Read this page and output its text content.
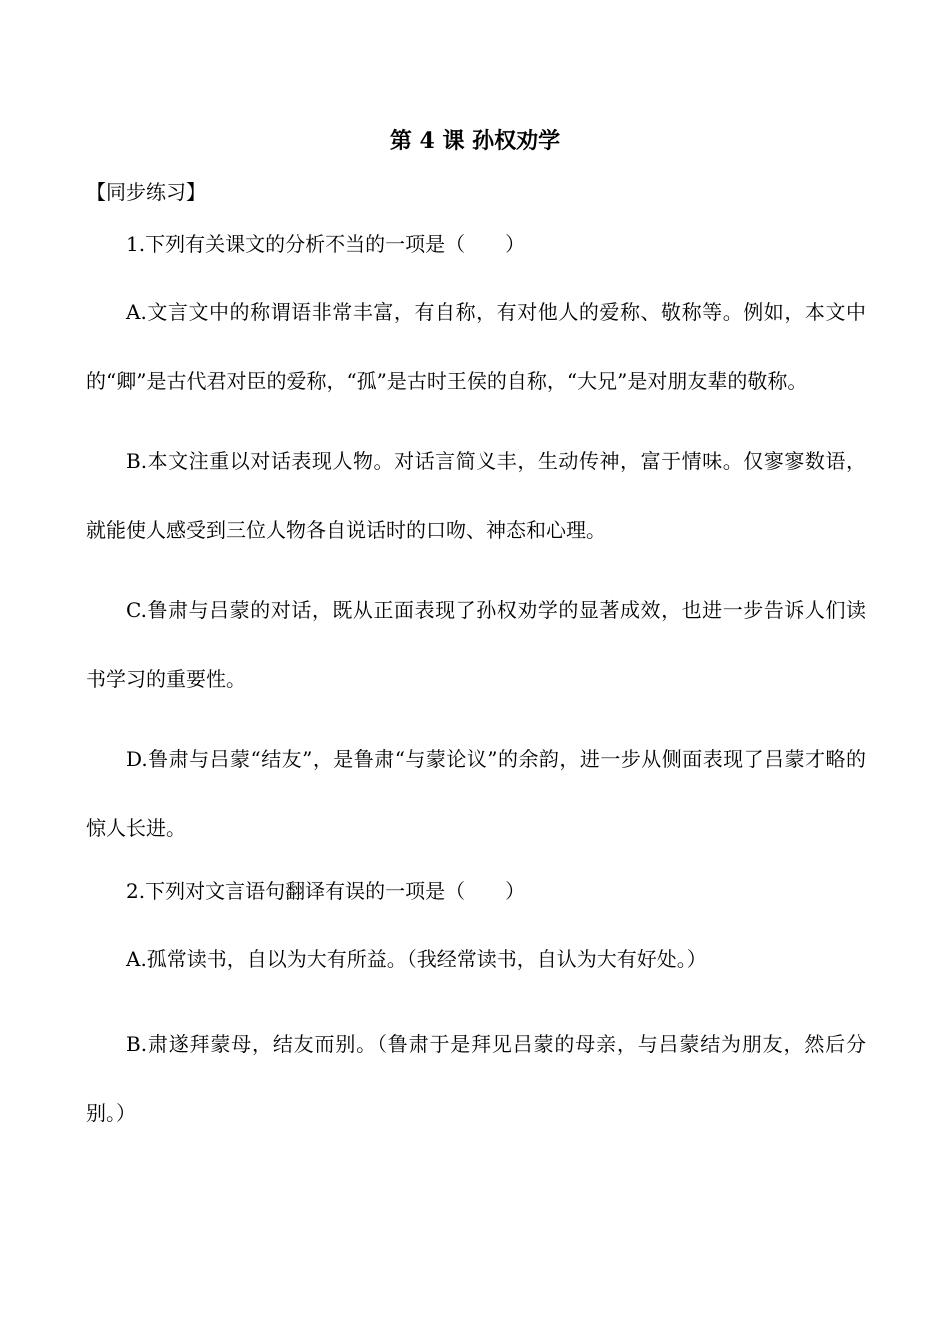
第 4 课 孙权劝学
【同步练习】

1.下列有关课文的分析不当的一项是（　　）

A.文言文中的称谓语非常丰富，有自称，有对他人的爱称、敬称等。例如，本文中的“卿”是古代君对臣的爱称，“孤”是古时王侯的自称，“大兄”是对朋友辈的敬称。

B.本文注重以对话表现人物。对话言简义丰，生动传神，富于情味。仅寥寥数语，就能使人感受到三位人物各自说话时的口吻、神态和心理。

C.鲁肃与吕蒙的对话，既从正面表现了孙权劝学的显著成效，也进一步告诉人们读书学习的重要性。

D.鲁肃与吕蒙“结友”，是鲁肃“与蒙论议”的余韵，进一步从侧面表现了吕蒙才略的惊人长进。

2.下列对文言语句翻译有误的一项是（　　）

A.孤常读书，自以为大有所益。（我经常读书，自认为大有好处。）

B.肃遂拜蒙母，结友而别。（鲁肃于是拜见吕蒙的母亲，与吕蒙结为朋友，然后分别。）
